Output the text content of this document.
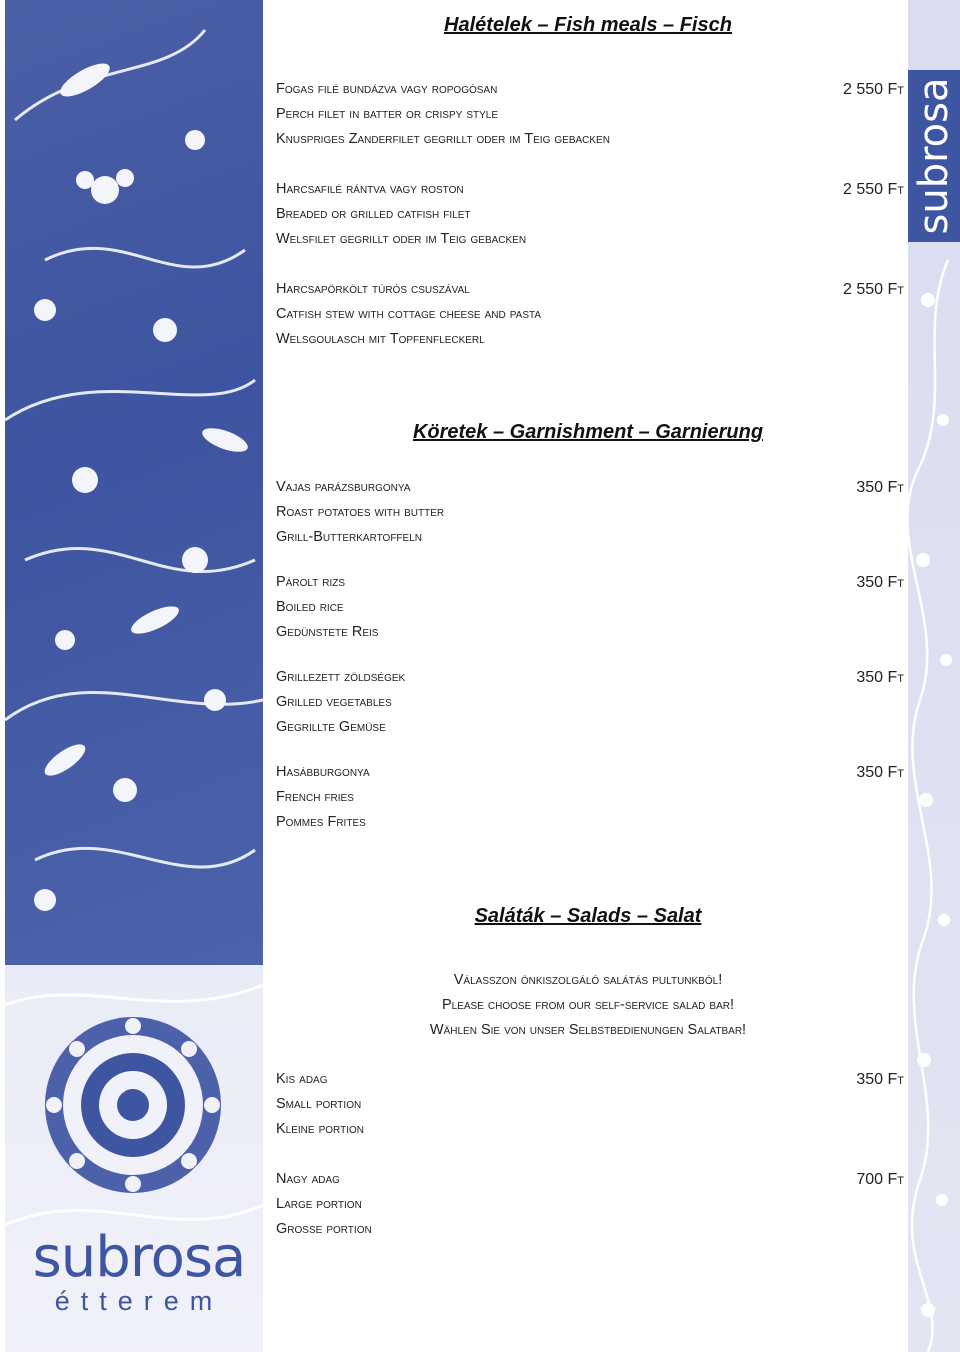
subrosa
subrosa
étterem
Halételek – Fish meals – Fisch
Fogas filé bundázva vagy ropogósan
Perch filet in batter or crispy style
Knuspriges Zanderfilet gegrillt oder im Teig gebacken
2 550 Ft
Harcsafilé rántva vagy roston
Breaded or grilled catfish filet
Welsfilet gegrillt oder im Teig gebacken
2 550 Ft
Harcsapörkölt túrós csuszával
Catfish stew with cottage cheese and pasta
Welsgoulasch mit Topfenfleckerl
2 550 Ft
Köretek – Garnishment – Garnierung
Vajas parázsburgonya
Roast potatoes with butter
Grill-Butterkartoffeln
350 Ft
Párolt rizs
Boiled rice
Gedünstete Reis
350 Ft
Grillezett zöldségek
Grilled vegetables
Gegrillte Gemüse
350 Ft
Hasábburgonya
French fries
Pommes Frites
350 Ft
Saláták – Salads – Salat
Válasszon önkiszolgáló salátás pultunkból!
Please choose from our self-service salad bar!
Wählen Sie von unser Selbstbedienungen Salatbar!
Kis adag
Small portion
Kleine portion
350 Ft
Nagy adag
Large portion
Große portion
700 Ft
